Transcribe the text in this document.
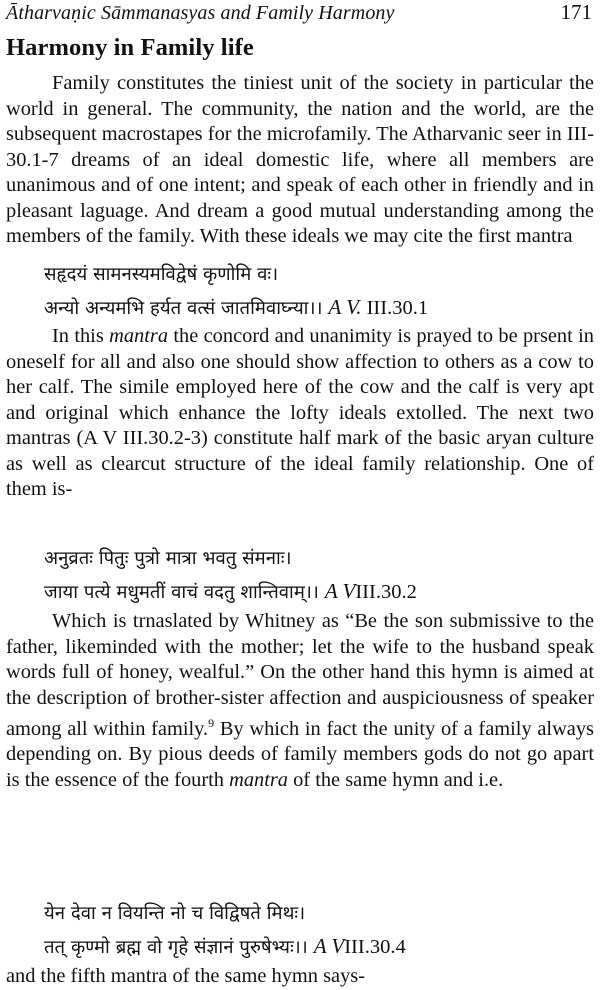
Ātharvaṇic Sāmmanasyas and Family Harmony	171
Harmony in Family life

Family constitutes the tiniest unit of the society in particular the world in general. The community, the nation and the world, are the subsequent macrostapes for the microfamily. The Atharvanic seer in III-30.1-7 dreams of an ideal domestic life, where all members are unanimous and of one intent; and speak of each other in friendly and in pleasant laguage. And dream a good mutual understanding among the members of the family. With these ideals we may cite the first mantra

सहृदयं सामनस्यमविद्वेषं कृणोमि वः।
अन्यो अन्यमभि हर्यत वत्सं जातमिवाघ्न्या।। A V. III.30.1

In this mantra the concord and unanimity is prayed to be prsent in oneself for all and also one should show affection to others as a cow to her calf. The simile employed here of the cow and the calf is very apt and original which enhance the lofty ideals extolled. The next two mantras (A V III.30.2-3) constitute half mark of the basic aryan culture as well as clearcut structure of the ideal family relationship. One of them is-

अनुव्रतः पितुः पुत्रो मात्रा भवतु संमनाः।
जाया पत्ये मधुमतीं वाचं वदतु शान्तिवाम्।। A VIII.30.2

Which is trnaslated by Whitney as “Be the son submissive to the father, likeminded with the mother; let the wife to the husband speak words full of honey, wealful.” On the other hand this hymn is aimed at the description of brother-sister affection and auspiciousness of speaker among all within family.$^9$ By which in fact the unity of a family always depending on. By pious deeds of family members gods do not go apart is the essence of the fourth mantra of the same hymn and i.e.

येन देवा न वियन्ति नो च विद्विषते मिथः।
तत् कृण्मो ब्रह्म वो गृहे संज्ञानं पुरुषेभ्यः।। A VIII.30.4

and the fifth mantra of the same hymn says-
